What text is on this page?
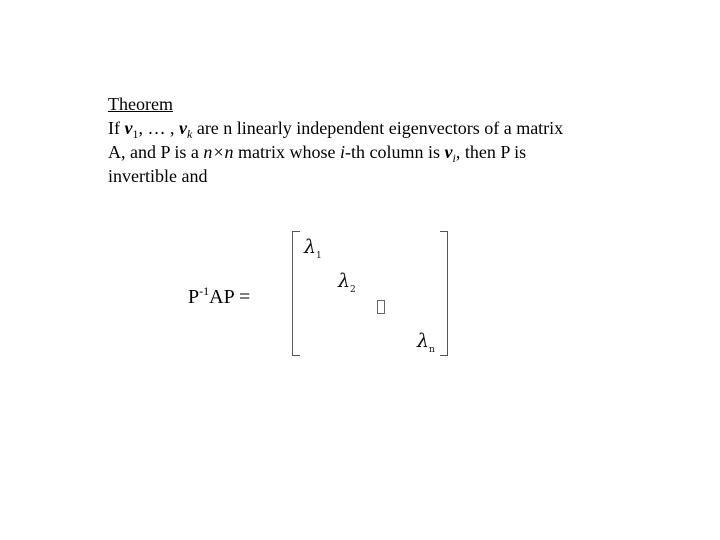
Theorem
If $v_1$, … , $v_k$ are n linearly independent eigenvectors of a matrix
A, and P is a n×n matrix whose i-th column is $v_i$, then P is
invertible and
$P^{-1}AP$ =
$\lambda_1$
$\lambda_2$
$\lambda_n$
